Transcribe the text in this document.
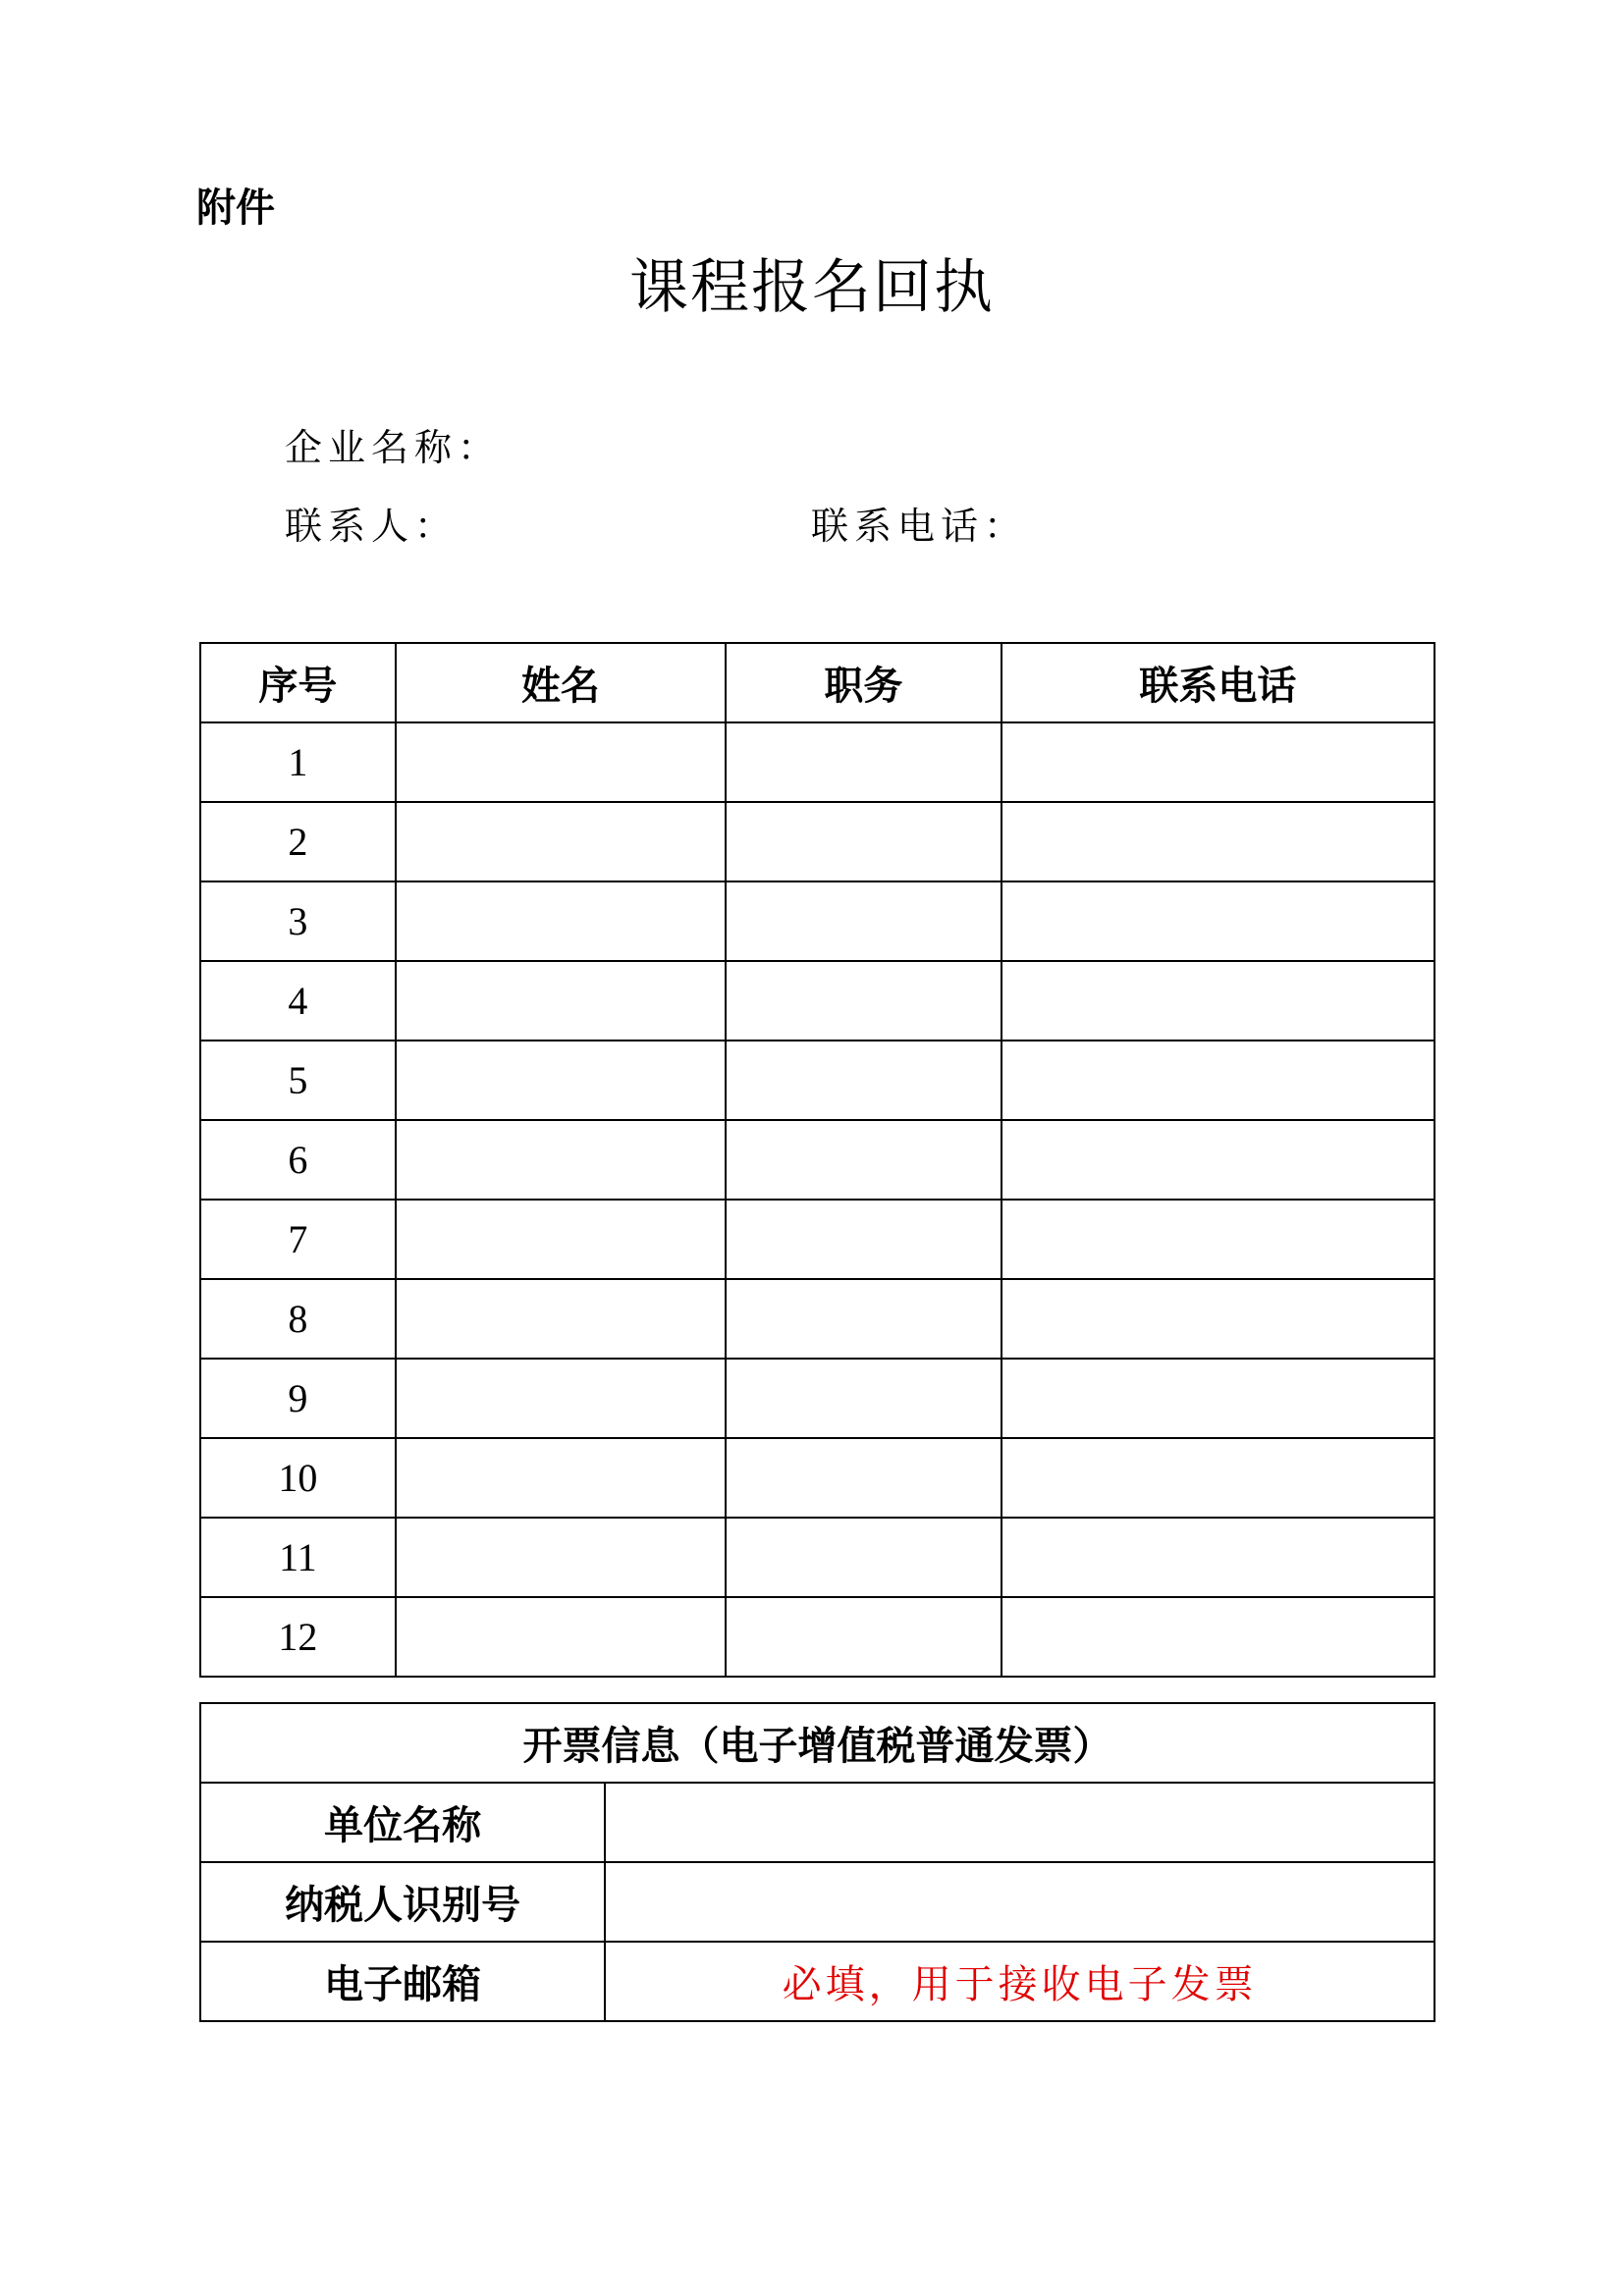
附件
课程报名回执
企业名称：
联系人：	联系电话：
序号	姓名	职务	联系电话
1			
2			
3			
4			
5			
6			
7			
8			
9			
10			
11			
12			
开票信息（电子增值税普通发票）	
单位名称	
纳税人识别号	
电子邮箱	必填，用于接收电子发票
